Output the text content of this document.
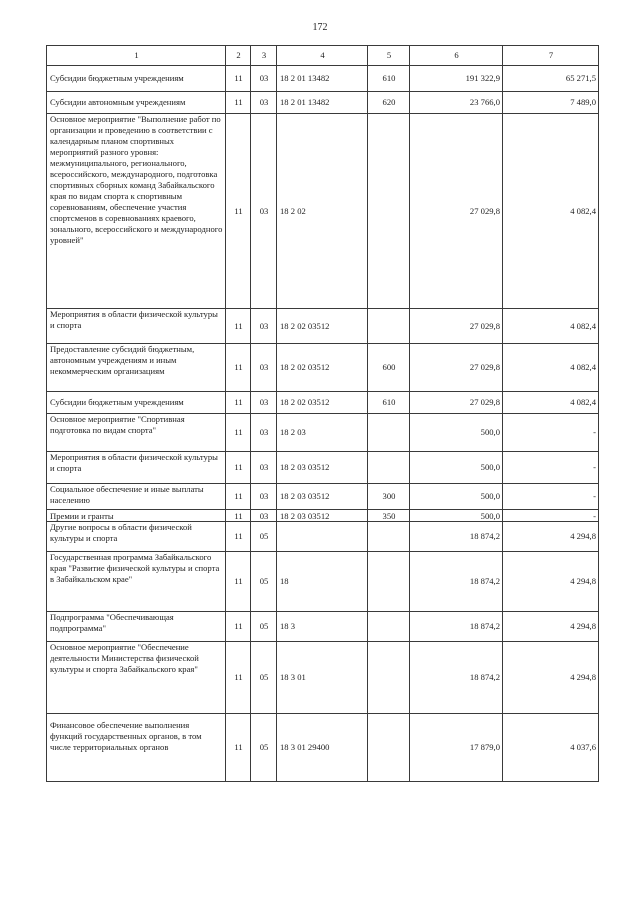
172
1	2	3	4	5	6	7
Субсидии бюджетным учреждениям	11	03	18 2 01 13482	610	191 322,9	65 271,5
Субсидии автономным учреждениям	11	03	18 2 01 13482	620	23 766,0	7 489,0
Основное мероприятие "Выполнение работ по организации и проведению в соответствии с календарным планом спортивных мероприятий разного уровня: межмуниципального, регионального, всероссийского, международного, подготовка спортивных сборных команд Забайкальского края по видам спорта к спортивным соревнованиям, обеспечение участия спортсменов в соревнованиях краевого, зонального, всероссийского и международного уровней"	11	03	18 2 02		27 029,8	4 082,4
Мероприятия в области физической культуры и спорта	11	03	18 2 02 03512		27 029,8	4 082,4
Предоставление субсидий бюджетным, автономным учреждениям и иным некоммерческим организациям	11	03	18 2 02 03512	600	27 029,8	4 082,4
Субсидии бюджетным учреждениям	11	03	18 2 02 03512	610	27 029,8	4 082,4
Основное мероприятие "Спортивная подготовка по видам спорта"	11	03	18 2 03		500,0	-
Мероприятия в области физической культуры и спорта	11	03	18 2 03 03512		500,0	-
Социальное обеспечение и иные выплаты населению	11	03	18 2 03 03512	300	500,0	-
Премии и гранты	11	03	18 2 03 03512	350	500,0	-
Другие вопросы в области физической культуры и спорта	11	05			18 874,2	4 294,8
Государственная программа Забайкальского края "Развитие физической культуры и спорта в Забайкальском крае"	11	05	18		18 874,2	4 294,8
Подпрограмма "Обеспечивающая подпрограмма"	11	05	18 3		18 874,2	4 294,8
Основное мероприятие "Обеспечение деятельности Министерства физической культуры и спорта Забайкальского края"	11	05	18 3 01		18 874,2	4 294,8
Финансовое обеспечение выполнения функций государственных органов, в том числе территориальных органов	11	05	18 3 01 29400		17 879,0	4 037,6
